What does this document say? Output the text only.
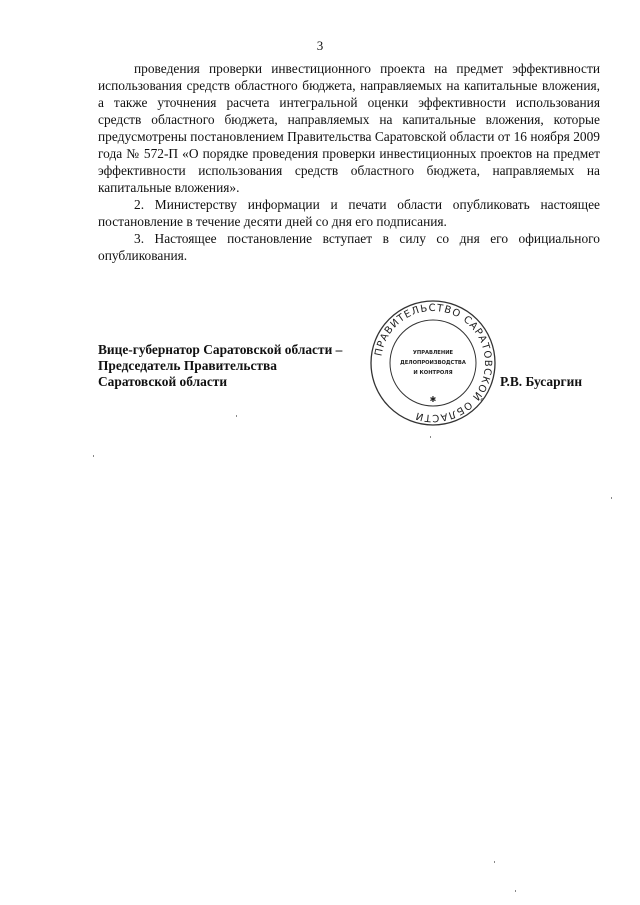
3

проведения проверки инвестиционного проекта на предмет эффективности использования средств областного бюджета, направляемых на капитальные вложения, а также уточнения расчета интегральной оценки эффективности использования средств областного бюджета, направляемых на капитальные вложения, которые предусмотрены постановлением Правительства Саратовской области от 16 ноября 2009 года № 572-П «О порядке проведения проверки инвестиционных проектов на предмет эффективности использования средств областного бюджета, направляемых на капитальные вложения».

2. Министерству информации и печати области опубликовать настоящее постановление в течение десяти дней со дня его подписания.

3. Настоящее постановление вступает в силу со дня его официального опубликования.

Вице-губернатор Саратовской области –
Председатель Правительства
Саратовской области	Р.В. Бусаргин
ПРАВИТЕЛЬСТВО САРАТОВСКОЙ ОБЛАСТИ
УПРАВЛЕНИЕ
ДЕЛОПРОИЗВОДСТВА
И КОНТРОЛЯ
✱
